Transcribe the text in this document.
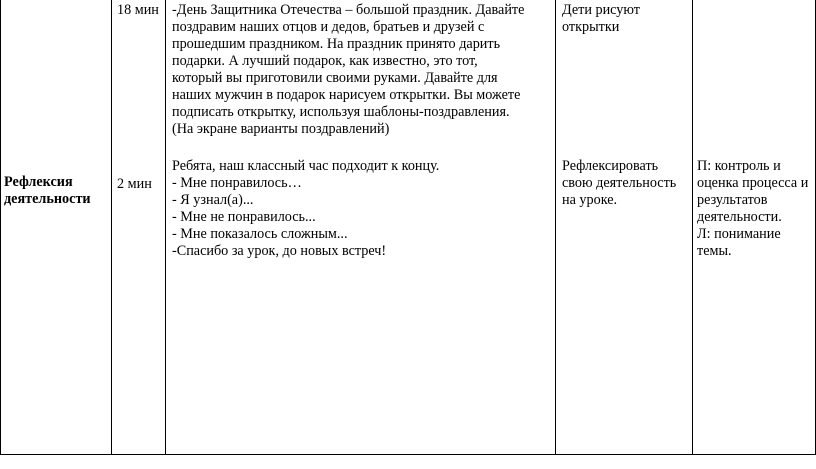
Рефлексия
деятельности
18 мин
2 мин
-День Защитника Отечества – большой праздник. Давайте
поздравим наших отцов и дедов, братьев и друзей с
прошедшим праздником. На праздник принято дарить
подарки. А лучший подарок, как известно, это тот,
который вы приготовили своими руками. Давайте для
наших мужчин в подарок нарисуем открытки. Вы можете
подписать открытку, используя шаблоны-поздравления.
(На экране варианты поздравлений)
Ребята, наш классный час подходит к концу.
- Мне понравилось…
- Я узнал(а)...
- Мне не понравилось...
- Мне показалось сложным...
-Спасибо за урок, до новых встреч!
Дети рисуют
открытки
Рефлексировать
свою деятельность
на уроке.
П: контроль и
оценка процесса и
результатов
деятельности.
Л: понимание
темы.
